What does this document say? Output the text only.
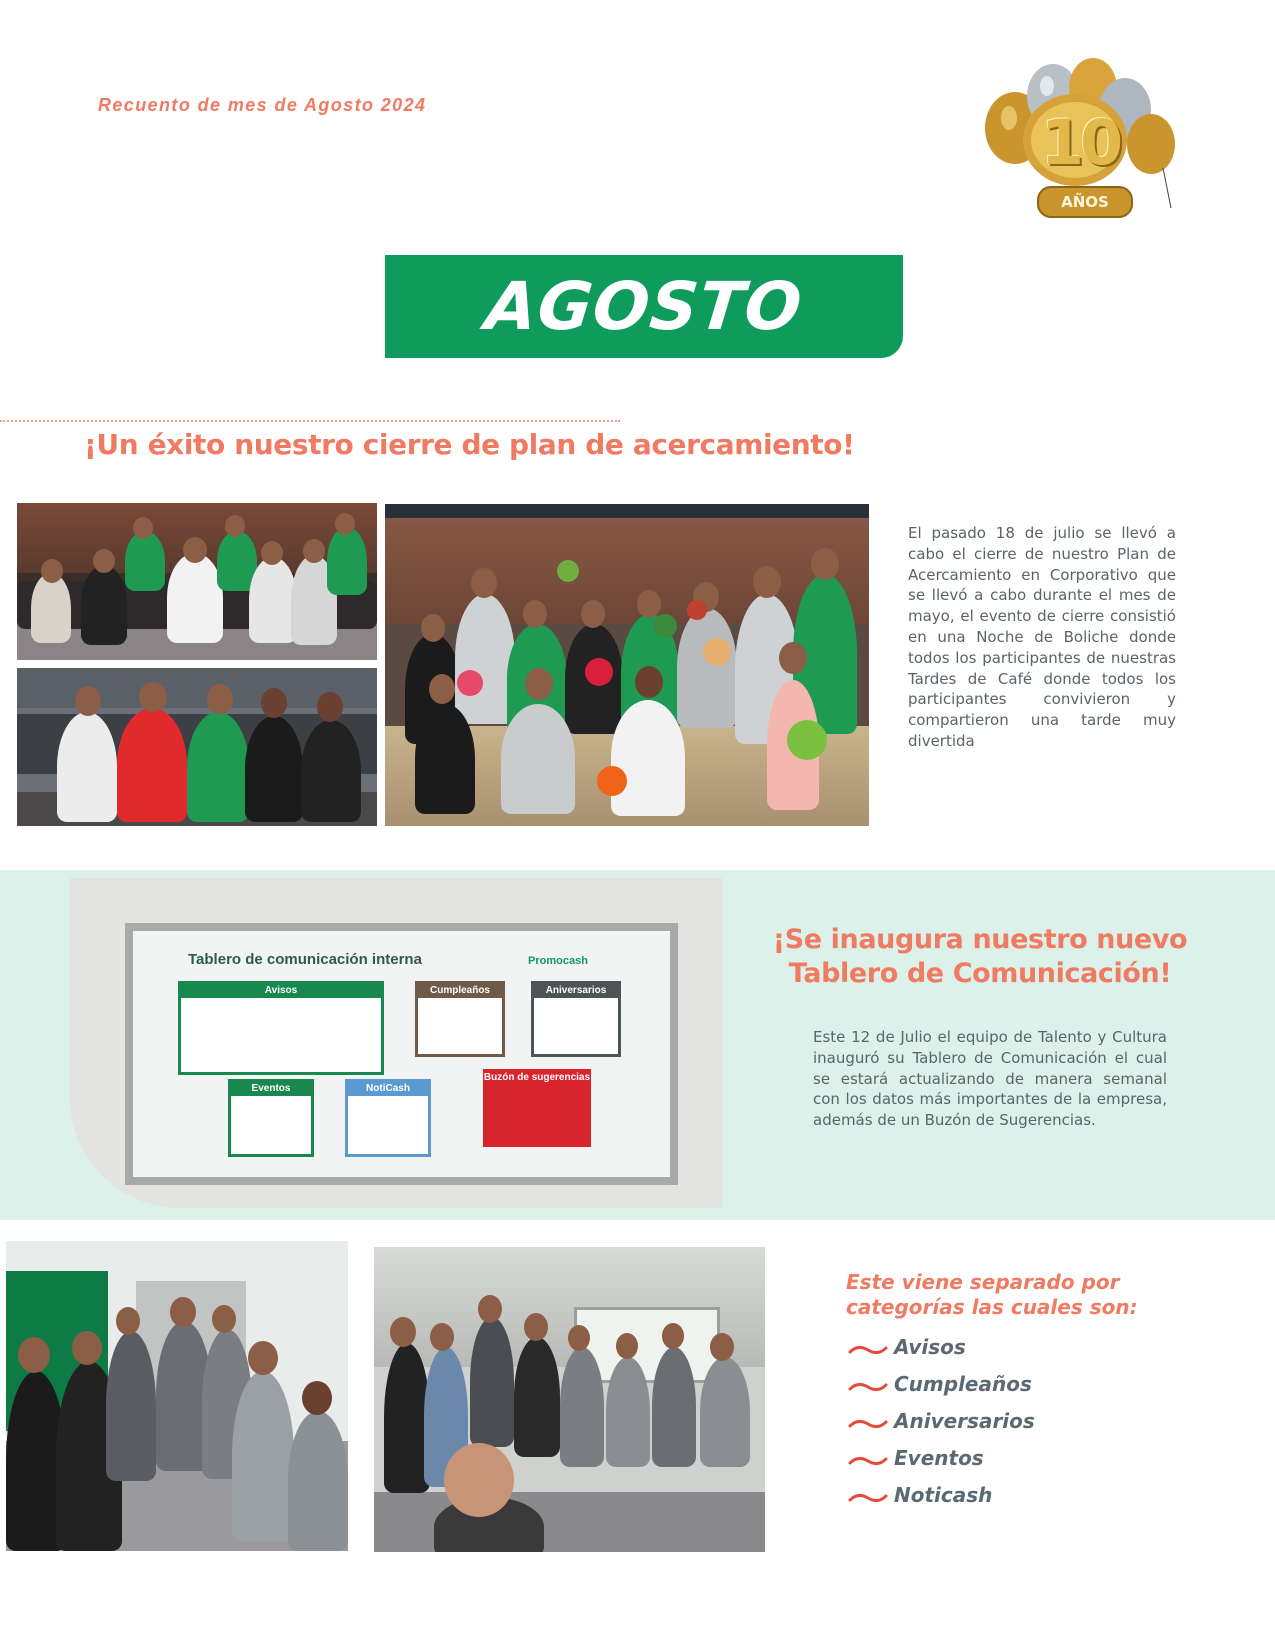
Recuento de mes de Agosto 2024
10
AÑOS
AGOSTO
¡Un éxito nuestro cierre de plan de acercamiento!
El pasado 18 de julio se llevó a cabo el cierre de nuestro Plan de Acercamiento en Corporativo que se llevó a cabo durante el mes de mayo, el evento de cierre consistió en una Noche de Boliche donde todos los participantes de nuestras Tardes de Café donde todos los participantes convivieron y compartieron una tarde muy divertida
Tablero de comunicación interna	Promocash
Avisos	Cumpleaños	Aniversarios
Eventos	NotiCash
Buzón de sugerencias
¡Se inaugura nuestro nuevo Tablero de Comunicación!
Este 12 de Julio el equipo de Talento y Cultura inauguró su Tablero de Comunicación el cual se estará actualizando de manera semanal con los datos más importantes de la empresa, además de un Buzón de Sugerencias.
Este viene separado por categorías las cuales son:
Avisos
Cumpleaños
Aniversarios
Eventos
Noticash
